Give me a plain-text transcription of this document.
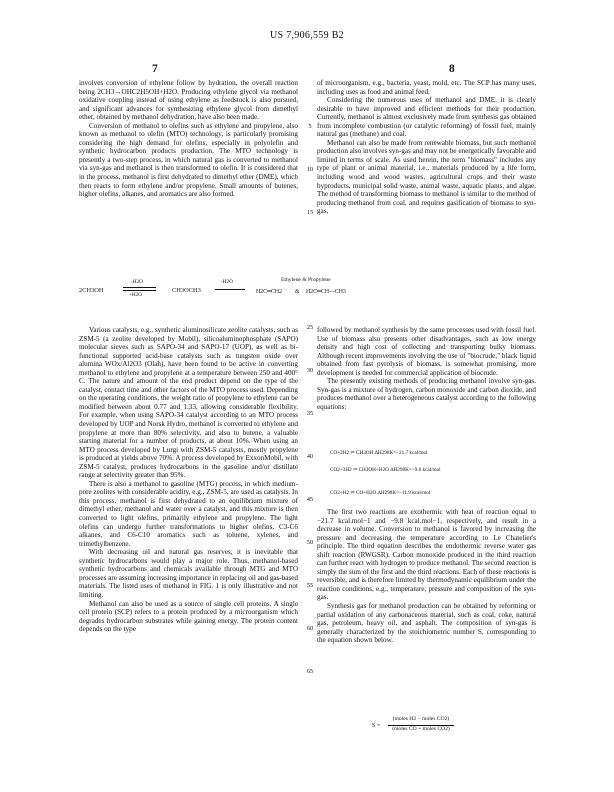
US 7,906,559 B2
7	8

involves conversion of ethylene follow by hydration, the overall reaction being 2CH3→OHC2H5OH+H2O. Producing ethylene glycol via methanol oxidative coupling instead of using ethylene as feedstock is also pursued, and significant advances for synthesizing ethylene glycol from dimethyl ether, obtained by methanol dehydration, have also been made.

Conversion of methanol to olefins such as ethylene and propylene, also known as methanol to olefin (MTO) technology, is particularly promising considering the high demand for olefins, especially in polyolefin and synthetic hydrocarbon products production. The MTO technology is presently a two-step process, in which natural gas is converted to methanol via syn-gas and methanol is then transformed to olefin. It is considered that in the process, methanol is first dehydrated to dimethyl ether (DME), which then reacts to form ethylene and/or propylene. Small amounts of butenes, higher olefins, alkanes, and aromatics are also formed.

of microorganism, e.g., bacteria, yeast, mold, etc. The SCP has many uses, including uses as food and animal feed.

Considering the numerous uses of methanol and DME, it is clearly desirable to have improved and efficient methods for their production. Currently, methanol is almost exclusively made from synthesis gas obtained from incomplete combustion (or catalytic reforming) of fossil fuel, mainly natural gas (methane) and coal.

Methanol can also be made from renewable biomass, but such methanol production also involves syn-gas and may not be energetically favorable and limited in terms of scale. As used herein, the term "biomass" includes any type of plant or animal material, i.e., materials produced by a life form, including wood and wood wastes, agricultural crops and their waste byproducts, municipal solid waste, animal waste, aquatic plants, and algae. The method of transforming biomass to methanol is similar to the method of producing methanol from coal, and requires gasification of biomass to syn-gas,

2CH3OH
-H2O
+H2O
CH3OCH3
-H2O	Ethylene & Propylene
H2C═CH2 & H2C═CH—CH3

Various catalysts, e.g., synthetic aluminosilicate zeolite catalysts, such as ZSM-5 (a zeolite developed by Mobil), silicoaluminophosphate (SAPO) molecular sieves such as SAPO-34 and SAPO-17 (UOP), as well as bi-functional supported acid-base catalysts such as tungsten oxide over alumina WOx/Al2O3 (Olah), have been found to be active in converting methanol to ethylene and propylene at a temperature between 250 and 400° C. The nature and amount of the end product depend on the type of the catalyst, contact time and other factors of the MTO process used. Depending on the operating conditions, the weight ratio of propylene to ethylene can be modified between about 0.77 and 1.33, allowing considerable flexibility. For example, when using SAPO-34 catalyst according to an MTO process developed by UOP and Norsk Hydro, methanol is converted to ethylene and propylene at more than 80% selectivity, and also to butene, a valuable starting material for a number of products, at about 10%. When using an MTO process developed by Lurgi with ZSM-5 catalysts, mostly propylene is produced at yields above 70%. A process developed by ExxonMobil, with ZSM-5 catalyst, produces hydrocarbons in the gasoline and/or distillate range at selectivity greater than 95%.

There is also a methanol to gasoline (MTG) process, in which medium-pore zeolites with considerable acidity, e.g., ZSM-5, are used as catalysts. In this process, methanol is first dehydrated to an equilibrium mixture of dimethyl ether, methanol and water over a catalyst, and this mixture is then converted to light olefins, primarily ethylene and propylene. The light olefins can undergo further transformations to higher olefins, C3-C6 alkanes, and C6-C10 aromatics such as toluene, xylenes, and trimethylbenzene.

With decreasing oil and natural gas reserves, it is inevitable that synthetic hydrocarbons would play a major role. Thus, methanol-based synthetic hydrocarbons and chemicals available through MTG and MTO processes are assuming increasing importance in replacing oil and gas-based materials. The listed uses of methanol in FIG. 1 is only illustrative and not limiting.

Methanol can also be used as a source of single cell proteins. A single cell protein (SCP) refers to a protein produced by a microorganism which degrades hydrocarbon substrates while gaining energy. The protein content depends on the type

followed by methanol synthesis by the same processes used with fossil fuel. Use of biomass also presents other disadvantages, such as low energy density and high cost of collecting and transporting bulky biomass. Although recent improvements involving the use of "biocrude," black liquid obtained from fast pyrolysis of biomass, is somewhat promising, more development is needed for commercial application of biocrude.

The presently existing methods of producing methanol involve syn-gas. Syn-gas is a mixture of hydrogen, carbon monoxide and carbon dioxide, and produces methanol over a heterogeneous catalyst according to the following equations:

CO+2H2 ⇌ CH3OH ΔH298K=−21.7 kcal/mol
CO2+3H2 ⇌ CH3OH+H2O ΔH298K=−9.8 kcal/mol
CO2+H2 ⇌ CO+H2O ΔH298K=−11.9 kcal/mol

The first two reactions are exothermic with heat of reaction equal to −21.7 kcal.mol−1 and −9.8 kcal.mol−1, respectively, and result in a decrease in volume. Conversion to methanol is favored by increasing the pressure and decreasing the temperature according to Le Chatelier's principle. The third equation describes the endothermic reverse water gas shift reaction (RWGSR). Carbon monoxide produced in the third reaction can further react with hydrogen to produce methanol. The second reaction is simply the sum of the first and the third reactions. Each of these reactions is reversible, and is therefore limited by thermodynamic equilibrium under the reaction conditions, e.g., temperature, pressure and composition of the syn-gas.

Synthesis gas for methanol production can be obtained by reforming or partial oxidation of any carbonaceous material, such as coal, coke, natural gas, petroleum, heavy oil, and asphalt. The composition of syn-gas is generally characterized by the stoichiometric number S, corresponding to the equation shown below.

S =
(moles H2 − moles CO2)
(moles CO + moles CO2)
5
10
15
25
30
35
40
45
50
55
60
65
